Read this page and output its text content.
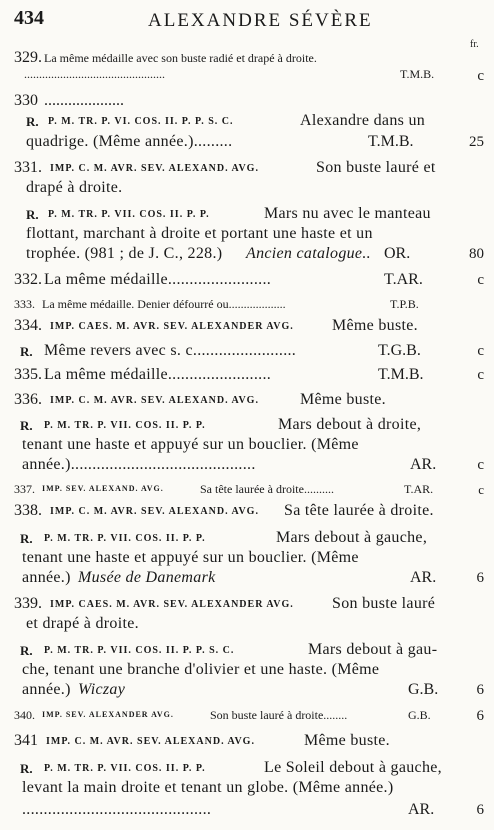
434	ALEXANDRE SÉVÈRE
fr.
329. La même médaille avec son buste radié et drapé à droite.
...............................................	T.M.B.	c
330 ....................
R. P. M. TR. P. VI. COS. II. P. P. S. C.	Alexandre dans un
quadrige. (Même année.).........	T.M.B.	25
331. IMP. C. M. AVR. SEV. ALEXAND. AVG.	Son buste lauré et
drapé à droite.
R. P. M. TR. P. VII. COS. II. P. P.	Mars nu avec le manteau
flottant, marchant à droite et portant une haste et un
trophée. (981 ; de J. C., 228.) Ancien catalogue.. OR.	80
332. La même médaille........................	T.AR.	c
333. La même médaille. Denier défourré ou...................	T.P.B.
334. IMP. CAES. M. AVR. SEV. ALEXANDER AVG. Même buste.
R. Même revers avec s. c........................	T.G.B.	c
335. La même médaille........................	T.M.B.	c
336. IMP. C. M. AVR. SEV. ALEXAND. AVG.	Même buste.
R. P. M. TR. P. VII. COS. II. P. P.	Mars debout à droite,
tenant une haste et appuyé sur un bouclier. (Même
année.)...........................................	AR.	c
337. IMP. SEV. ALEXAND. AVG.	Sa tête laurée à droite..........	T.AR.	c
338. IMP. C. M. AVR. SEV. ALEXAND. AVG. Sa tête laurée à droite.
R. P. M. TR. P. VII. COS. II. P. P.	Mars debout à gauche,
tenant une haste et appuyé sur un bouclier. (Même
année.) Musée de Danemark	AR.	6
339. IMP. CAES. M. AVR. SEV. ALEXANDER AVG. Son buste lauré
et drapé à droite.
R. P. M. TR. P. VII. COS. II. P. P. S. C.	Mars debout à gau-
che, tenant une branche d'olivier et une haste. (Même
année.) Wiczay	G.B.	6
340. IMP. SEV. ALEXANDER AVG.	Son buste lauré à droite........	G.B.	6
341 IMP. C. M. AVR. SEV. ALEXAND. AVG.	Même buste.
R. P. M. TR. P. VII. COS. II. P. P.	Le Soleil debout à gauche,
levant la main droite et tenant un globe. (Même année.)
............................................	AR.	6
